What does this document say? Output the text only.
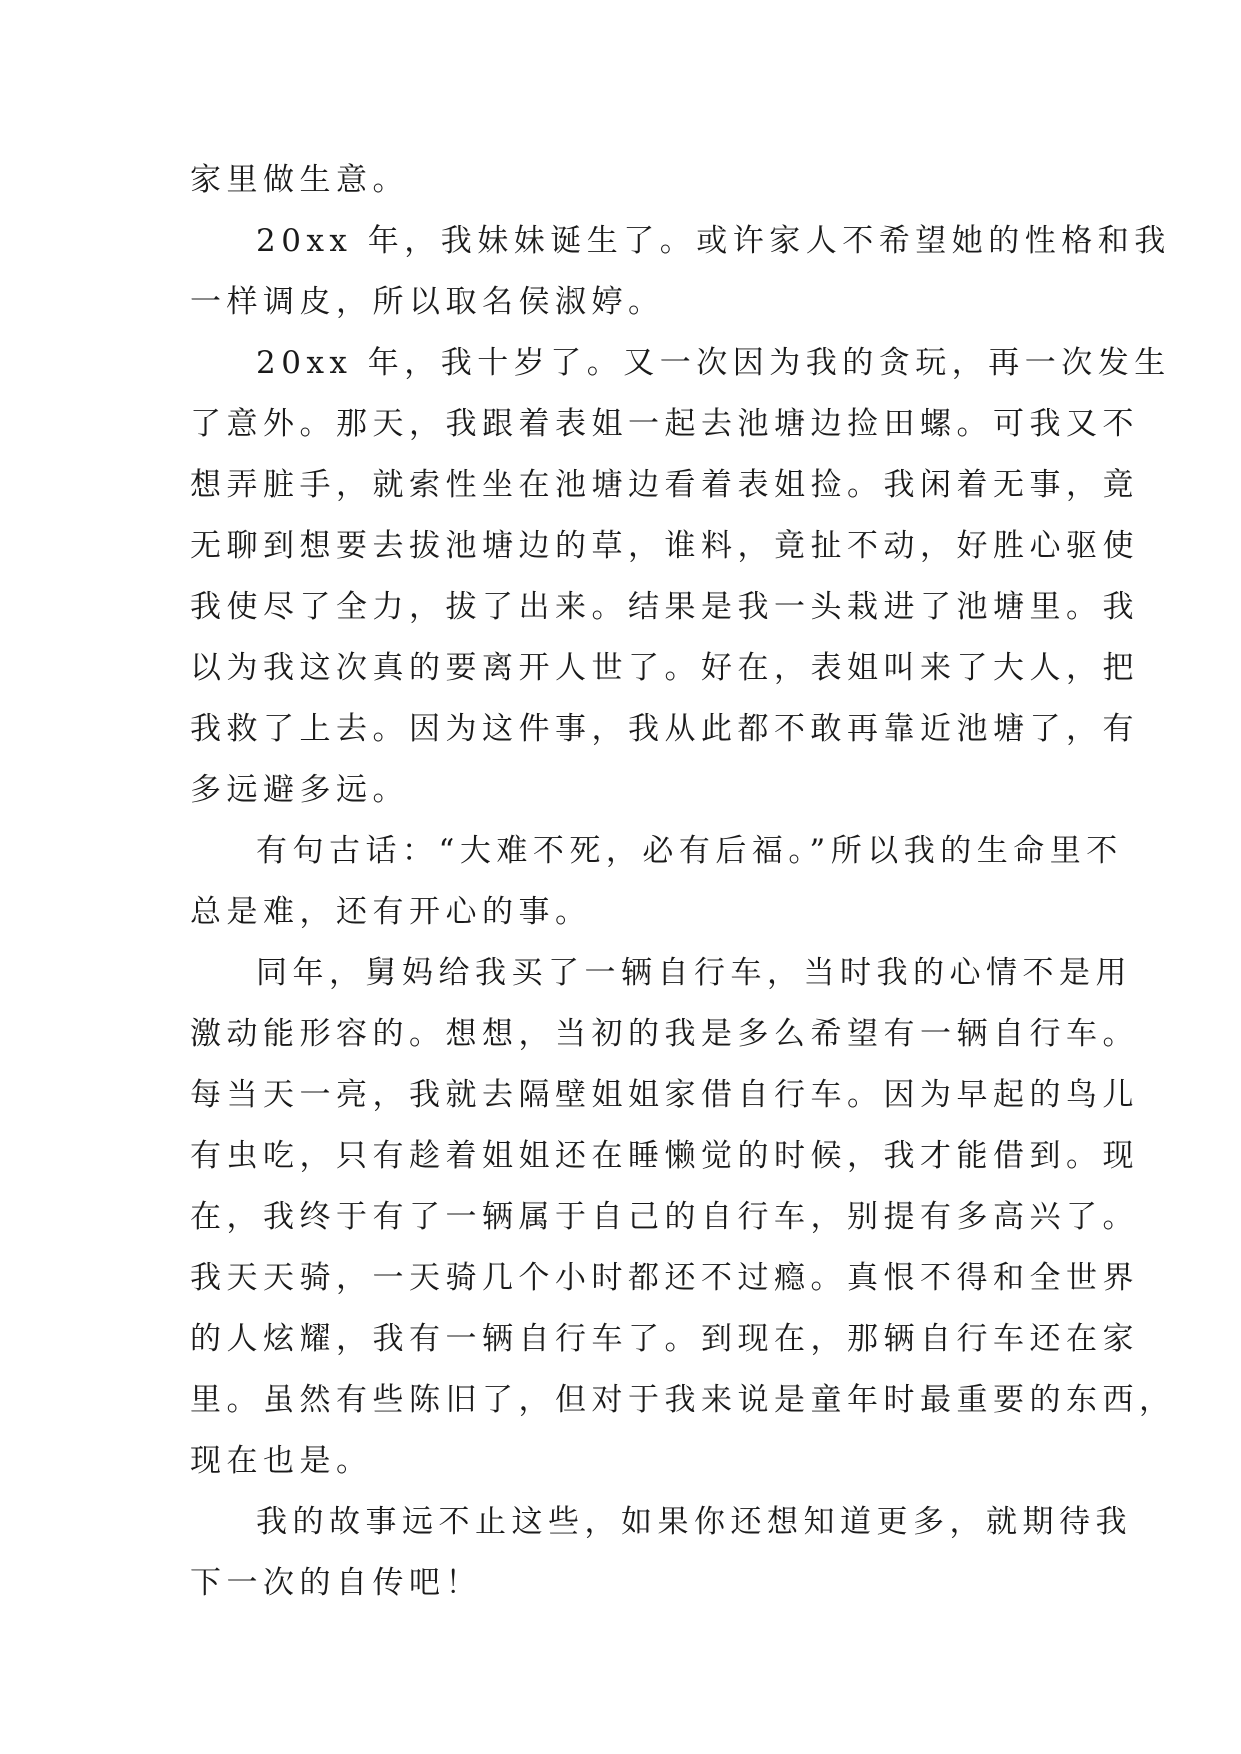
家里做生意。
20xx 年，我妹妹诞生了。或许家人不希望她的性格和我
一样调皮，所以取名侯淑婷。
20xx 年，我十岁了。又一次因为我的贪玩，再一次发生
了意外。那天，我跟着表姐一起去池塘边捡田螺。可我又不
想弄脏手，就索性坐在池塘边看着表姐捡。我闲着无事，竟
无聊到想要去拔池塘边的草，谁料，竟扯不动，好胜心驱使
我使尽了全力，拔了出来。结果是我一头栽进了池塘里。我
以为我这次真的要离开人世了。好在，表姐叫来了大人，把
我救了上去。因为这件事，我从此都不敢再靠近池塘了，有
多远避多远。
有句古话：“大难不死，必有后福。”所以我的生命里不
总是难，还有开心的事。
同年，舅妈给我买了一辆自行车，当时我的心情不是用
激动能形容的。想想，当初的我是多么希望有一辆自行车。
每当天一亮，我就去隔壁姐姐家借自行车。因为早起的鸟儿
有虫吃，只有趁着姐姐还在睡懒觉的时候，我才能借到。现
在，我终于有了一辆属于自己的自行车，别提有多高兴了。
我天天骑，一天骑几个小时都还不过瘾。真恨不得和全世界
的人炫耀，我有一辆自行车了。到现在，那辆自行车还在家
里。虽然有些陈旧了，但对于我来说是童年时最重要的东西，
现在也是。
我的故事远不止这些，如果你还想知道更多，就期待我
下一次的自传吧！
